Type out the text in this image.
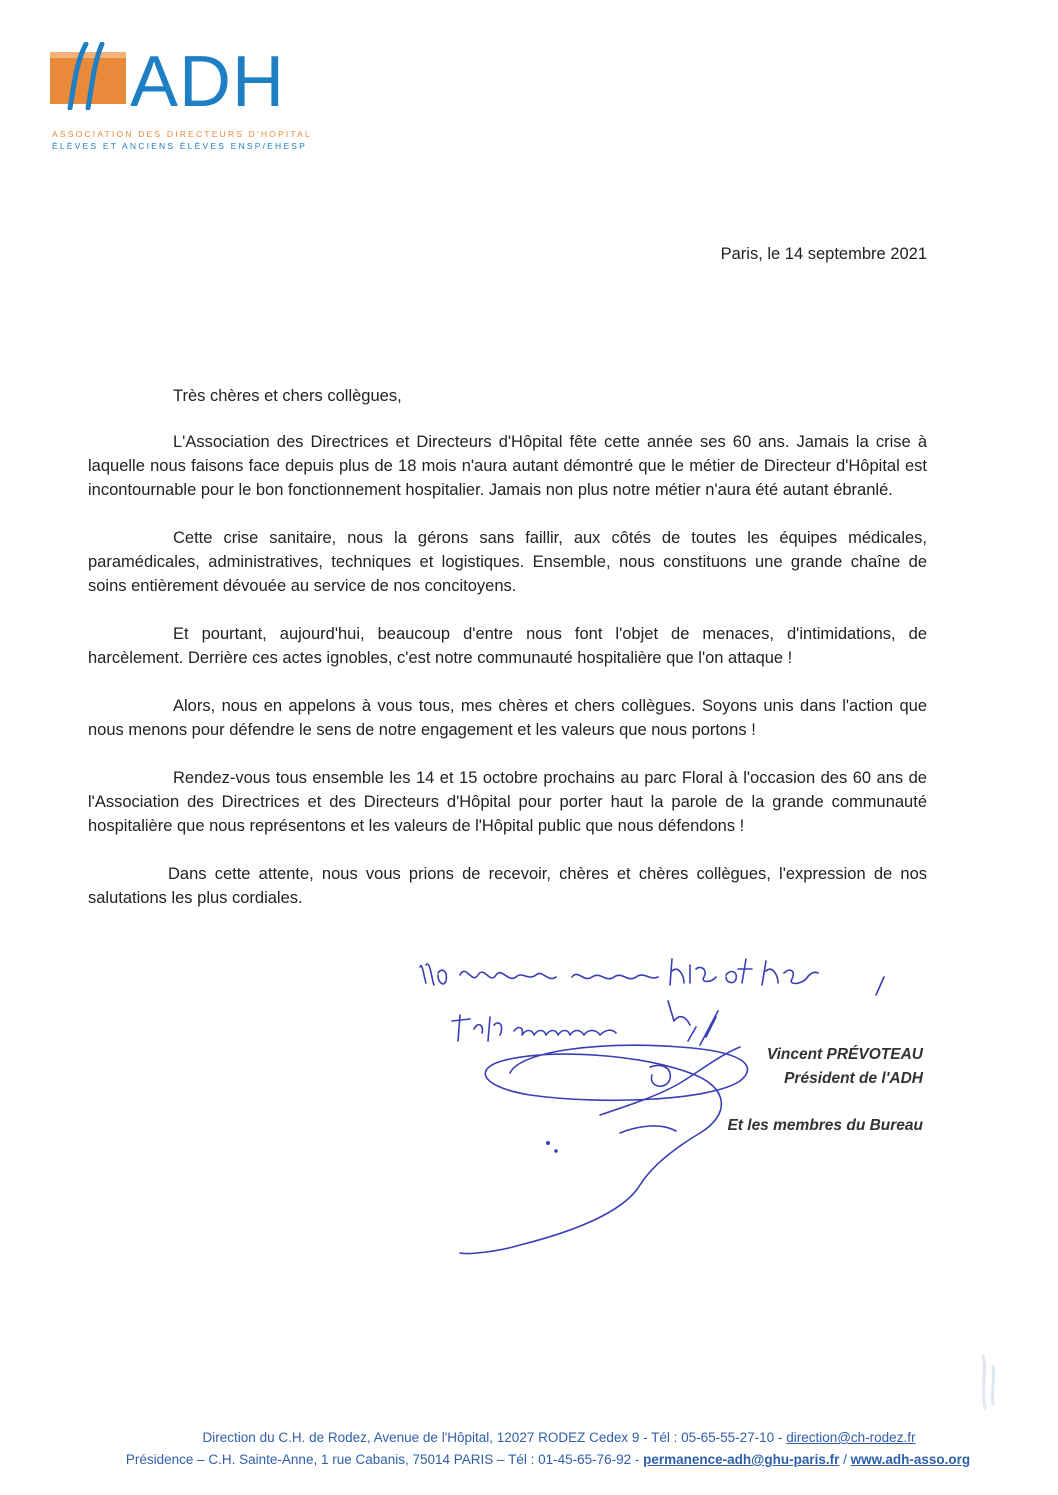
ADH
ASSOCIATION DES DIRECTEURS D'HOPITAL
ÉLÈVES ET ANCIENS ÉLÈVES ENSP/EHESP
Paris, le 14 septembre 2021
Très chères et chers collègues,

L'Association des Directrices et Directeurs d'Hôpital fête cette année ses 60 ans. Jamais la crise à laquelle nous faisons face depuis plus de 18 mois n'aura autant démontré que le métier de Directeur d'Hôpital est incontournable pour le bon fonctionnement hospitalier. Jamais non plus notre métier n'aura été autant ébranlé.

Cette crise sanitaire, nous la gérons sans faillir, aux côtés de toutes les équipes médicales, paramédicales, administratives, techniques et logistiques. Ensemble, nous constituons une grande chaîne de soins entièrement dévouée au service de nos concitoyens.

Et pourtant, aujourd'hui, beaucoup d'entre nous font l'objet de menaces, d'intimidations, de harcèlement. Derrière ces actes ignobles, c'est notre communauté hospitalière que l'on attaque !

Alors, nous en appelons à vous tous, mes chères et chers collègues. Soyons unis dans l'action que nous menons pour défendre le sens de notre engagement et les valeurs que nous portons !

Rendez-vous tous ensemble les 14 et 15 octobre prochains au parc Floral à l'occasion des 60 ans de l'Association des Directrices et des Directeurs d'Hôpital pour porter haut la parole de la grande communauté hospitalière que nous représentons et les valeurs de l'Hôpital public que nous défendons !

Dans cette attente, nous vous prions de recevoir, chères et chères collègues, l'expression de nos salutations les plus cordiales.

Vincent PRÉVOTEAU
Président de l'ADH
Et les membres du Bureau
Direction du C.H. de Rodez, Avenue de l'Hôpital, 12027 RODEZ Cedex 9 - Tél : 05-65-55-27-10 - direction@ch-rodez.fr
Présidence – C.H. Sainte-Anne, 1 rue Cabanis, 75014 PARIS – Tél : 01-45-65-76-92 - permanence-adh@ghu-paris.fr / www.adh-asso.org
